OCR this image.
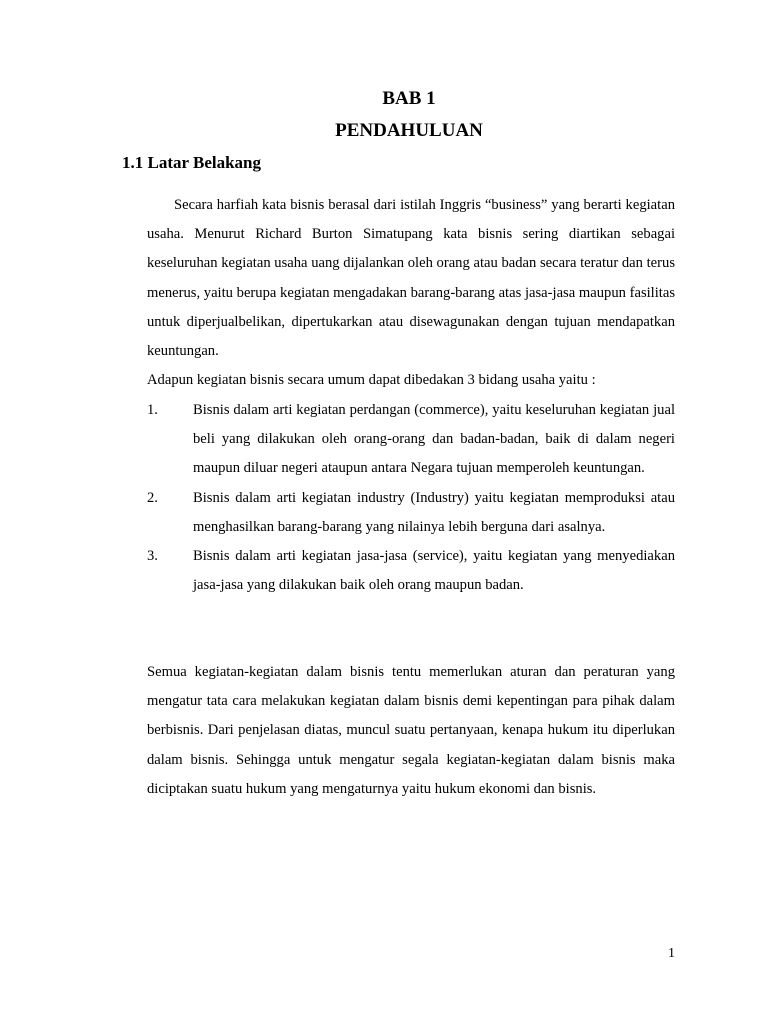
BAB 1
PENDAHULUAN
1.1 Latar Belakang

Secara harfiah kata bisnis berasal dari istilah Inggris “business” yang berarti kegiatan usaha. Menurut Richard Burton Simatupang kata bisnis sering diartikan sebagai keseluruhan kegiatan usaha uang dijalankan oleh orang atau badan secara teratur dan terus menerus, yaitu berupa kegiatan mengadakan barang-barang atas jasa-jasa maupun fasilitas untuk diperjualbelikan, dipertukarkan atau disewagunakan dengan tujuan mendapatkan keuntungan.

Adapun kegiatan bisnis secara umum dapat dibedakan 3 bidang usaha yaitu :

1. Bisnis dalam arti kegiatan perdangan (commerce), yaitu keseluruhan kegiatan jual beli yang dilakukan oleh orang-orang dan badan-badan, baik di dalam negeri maupun diluar negeri ataupun antara Negara tujuan memperoleh keuntungan.
2. Bisnis dalam arti kegiatan industry (Industry) yaitu kegiatan memproduksi atau menghasilkan barang-barang yang nilainya lebih berguna dari asalnya.
3. Bisnis dalam arti kegiatan jasa-jasa (service), yaitu kegiatan yang menyediakan jasa-jasa yang dilakukan baik oleh orang maupun badan.

Semua kegiatan-kegiatan dalam bisnis tentu memerlukan aturan dan peraturan yang mengatur tata cara melakukan kegiatan dalam bisnis demi kepentingan para pihak dalam berbisnis. Dari penjelasan diatas, muncul suatu pertanyaan, kenapa hukum itu diperlukan dalam bisnis. Sehingga untuk mengatur segala kegiatan-kegiatan dalam bisnis maka diciptakan suatu hukum yang mengaturnya yaitu hukum ekonomi dan bisnis.

1
